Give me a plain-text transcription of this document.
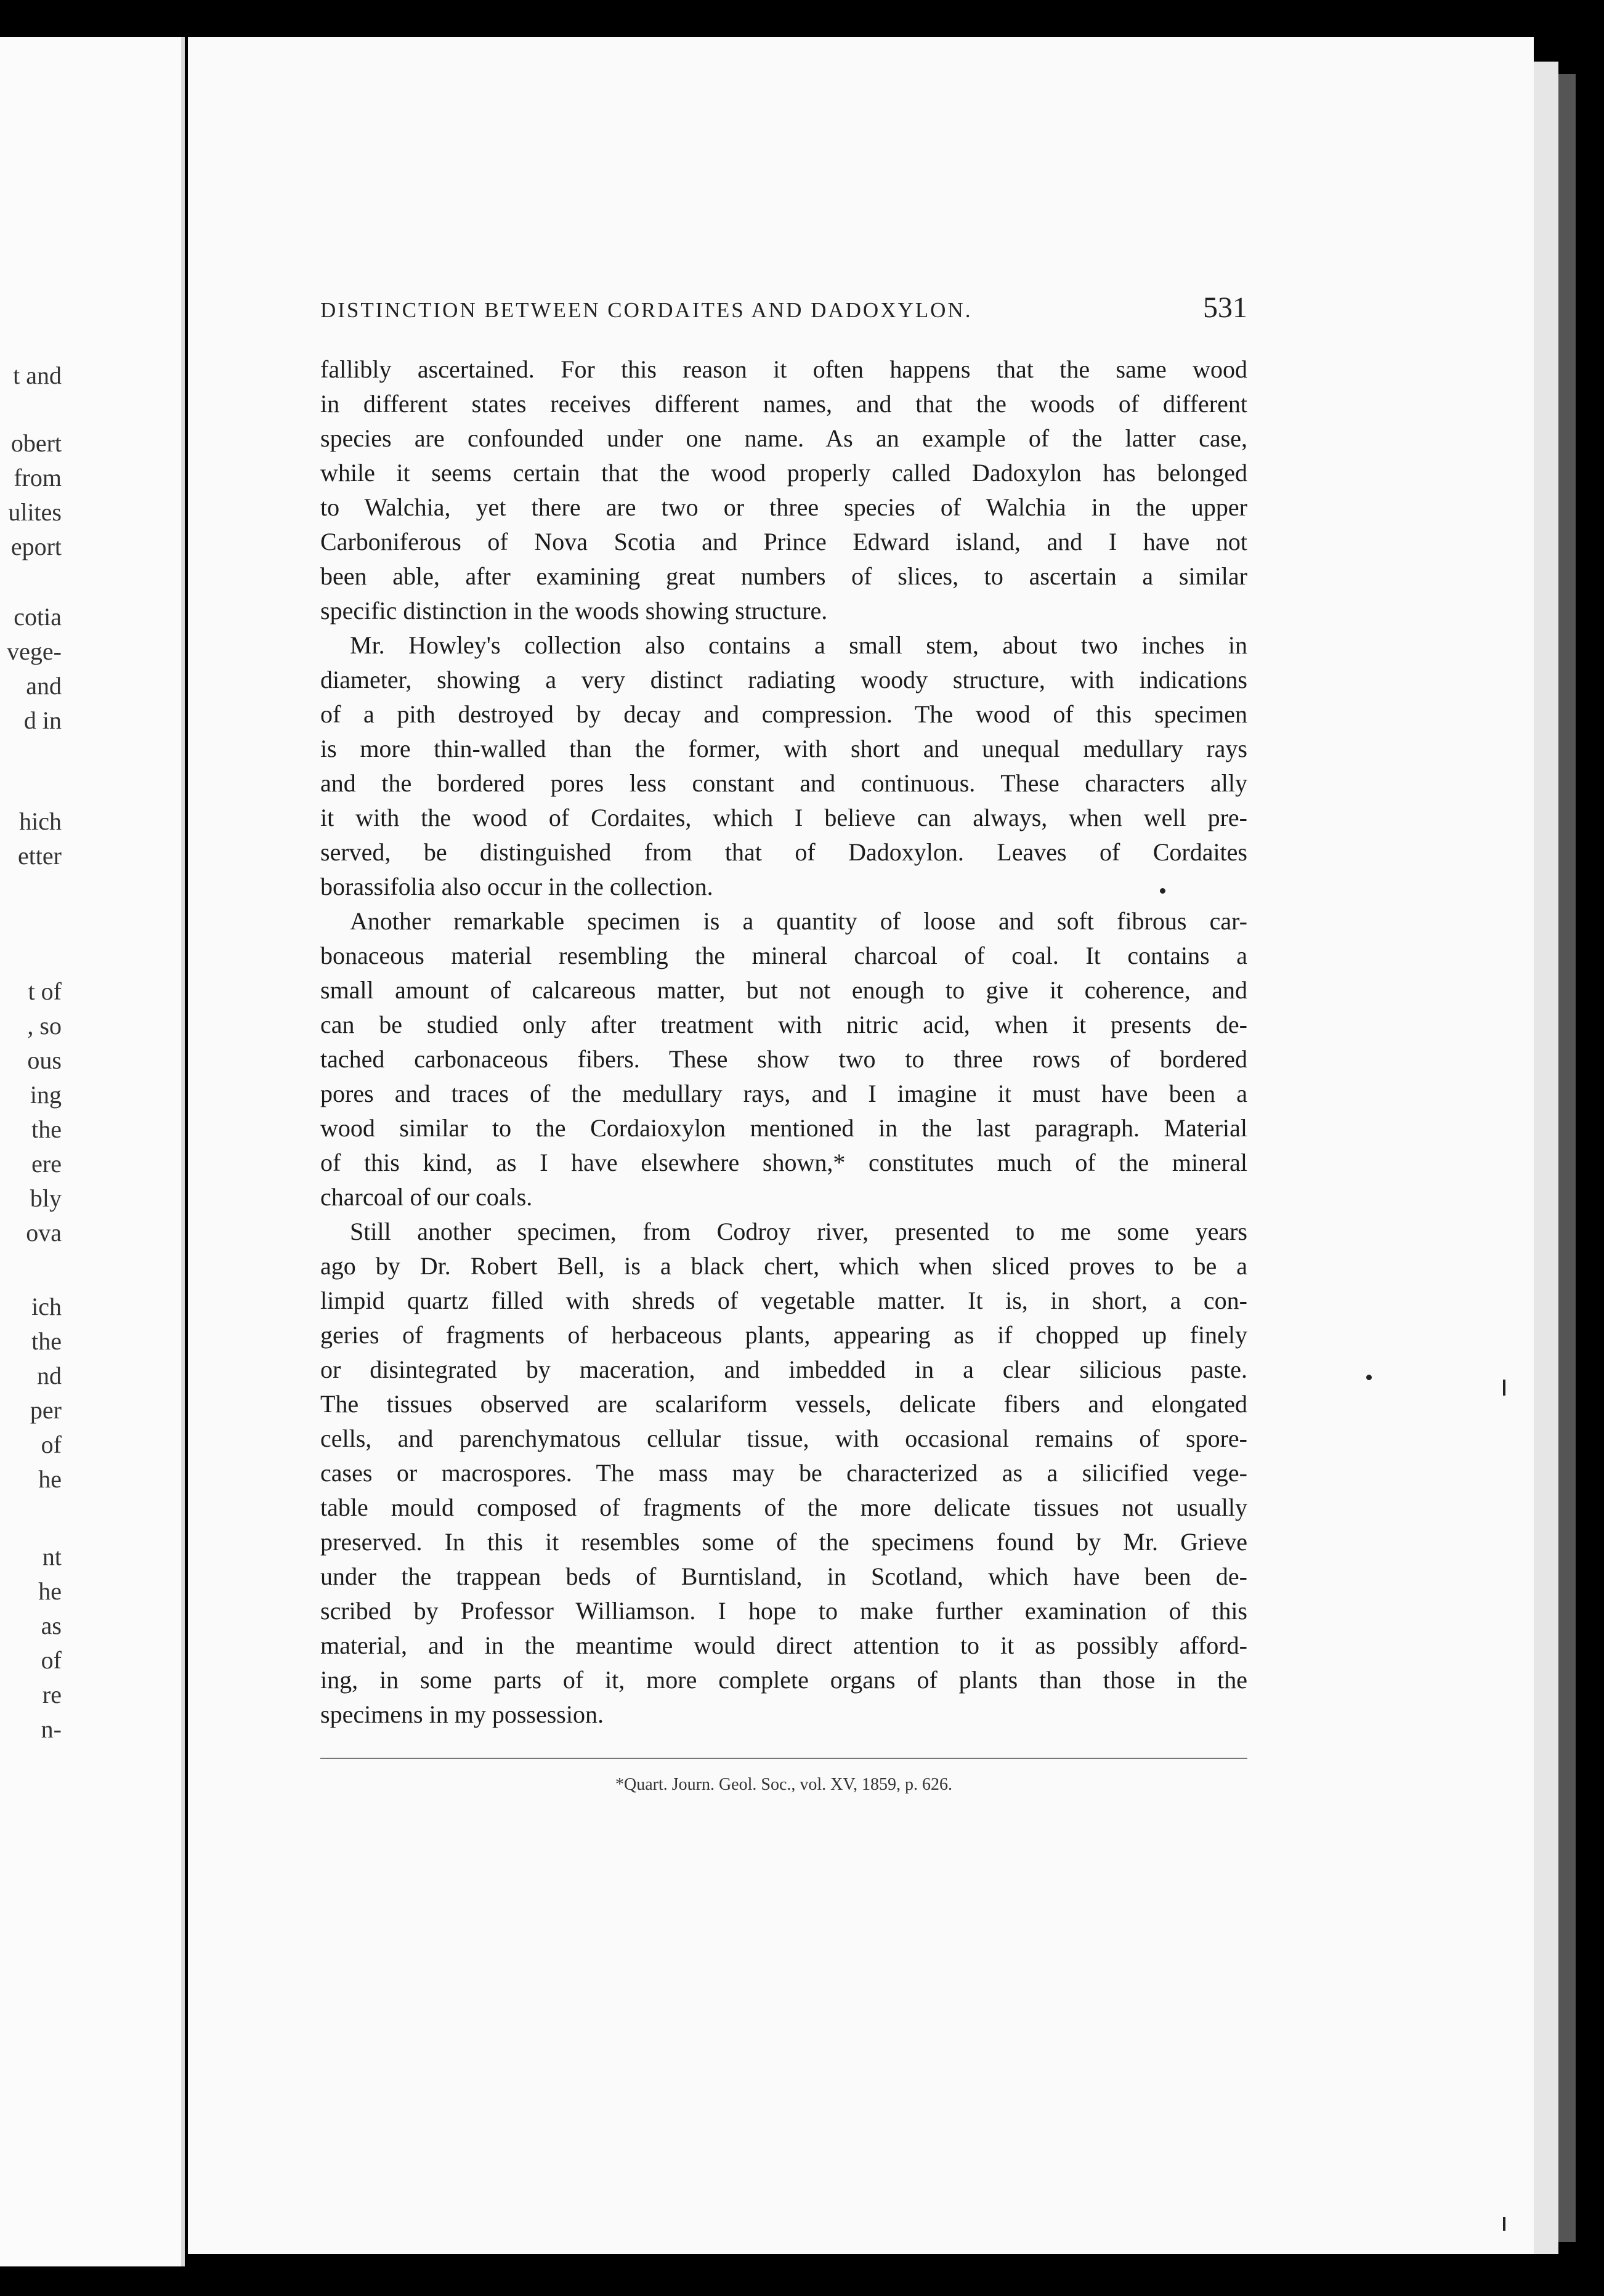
t and
obert
from
ulites
eport
cotia
vege-
and
d in
hich
etter
t of
, so
ous
ing
the
ere
bly
ova
ich
the
nd
per
of
he
nt
he
as
of
re
n-
DISTINCTION BETWEEN CORDAITES AND DADOXYLON.	531
fallibly ascertained. For this reason it often happens that the same wood
in different states receives different names, and that the woods of different
species are confounded under one name. As an example of the latter case,
while it seems certain that the wood properly called Dadoxylon has belonged
to Walchia, yet there are two or three species of Walchia in the upper
Carboniferous of Nova Scotia and Prince Edward island, and I have not
been able, after examining great numbers of slices, to ascertain a similar
specific distinction in the woods showing structure.
Mr. Howley's collection also contains a small stem, about two inches in
diameter, showing a very distinct radiating woody structure, with indications
of a pith destroyed by decay and compression. The wood of this specimen
is more thin-walled than the former, with short and unequal medullary rays
and the bordered pores less constant and continuous. These characters ally
it with the wood of Cordaites, which I believe can always, when well pre-
served, be distinguished from that of Dadoxylon. Leaves of Cordaites
borassifolia also occur in the collection.
Another remarkable specimen is a quantity of loose and soft fibrous car-
bonaceous material resembling the mineral charcoal of coal. It contains a
small amount of calcareous matter, but not enough to give it coherence, and
can be studied only after treatment with nitric acid, when it presents de-
tached carbonaceous fibers. These show two to three rows of bordered
pores and traces of the medullary rays, and I imagine it must have been a
wood similar to the Cordaioxylon mentioned in the last paragraph. Material
of this kind, as I have elsewhere shown,* constitutes much of the mineral
charcoal of our coals.
Still another specimen, from Codroy river, presented to me some years
ago by Dr. Robert Bell, is a black chert, which when sliced proves to be a
limpid quartz filled with shreds of vegetable matter. It is, in short, a con-
geries of fragments of herbaceous plants, appearing as if chopped up finely
or disintegrated by maceration, and imbedded in a clear silicious paste.
The tissues observed are scalariform vessels, delicate fibers and elongated
cells, and parenchymatous cellular tissue, with occasional remains of spore-
cases or macrospores. The mass may be characterized as a silicified vege-
table mould composed of fragments of the more delicate tissues not usually
preserved. In this it resembles some of the specimens found by Mr. Grieve
under the trappean beds of Burntisland, in Scotland, which have been de-
scribed by Professor Williamson. I hope to make further examination of this
material, and in the meantime would direct attention to it as possibly afford-
ing, in some parts of it, more complete organs of plants than those in the
specimens in my possession.
*Quart. Journ. Geol. Soc., vol. XV, 1859, p. 626.
